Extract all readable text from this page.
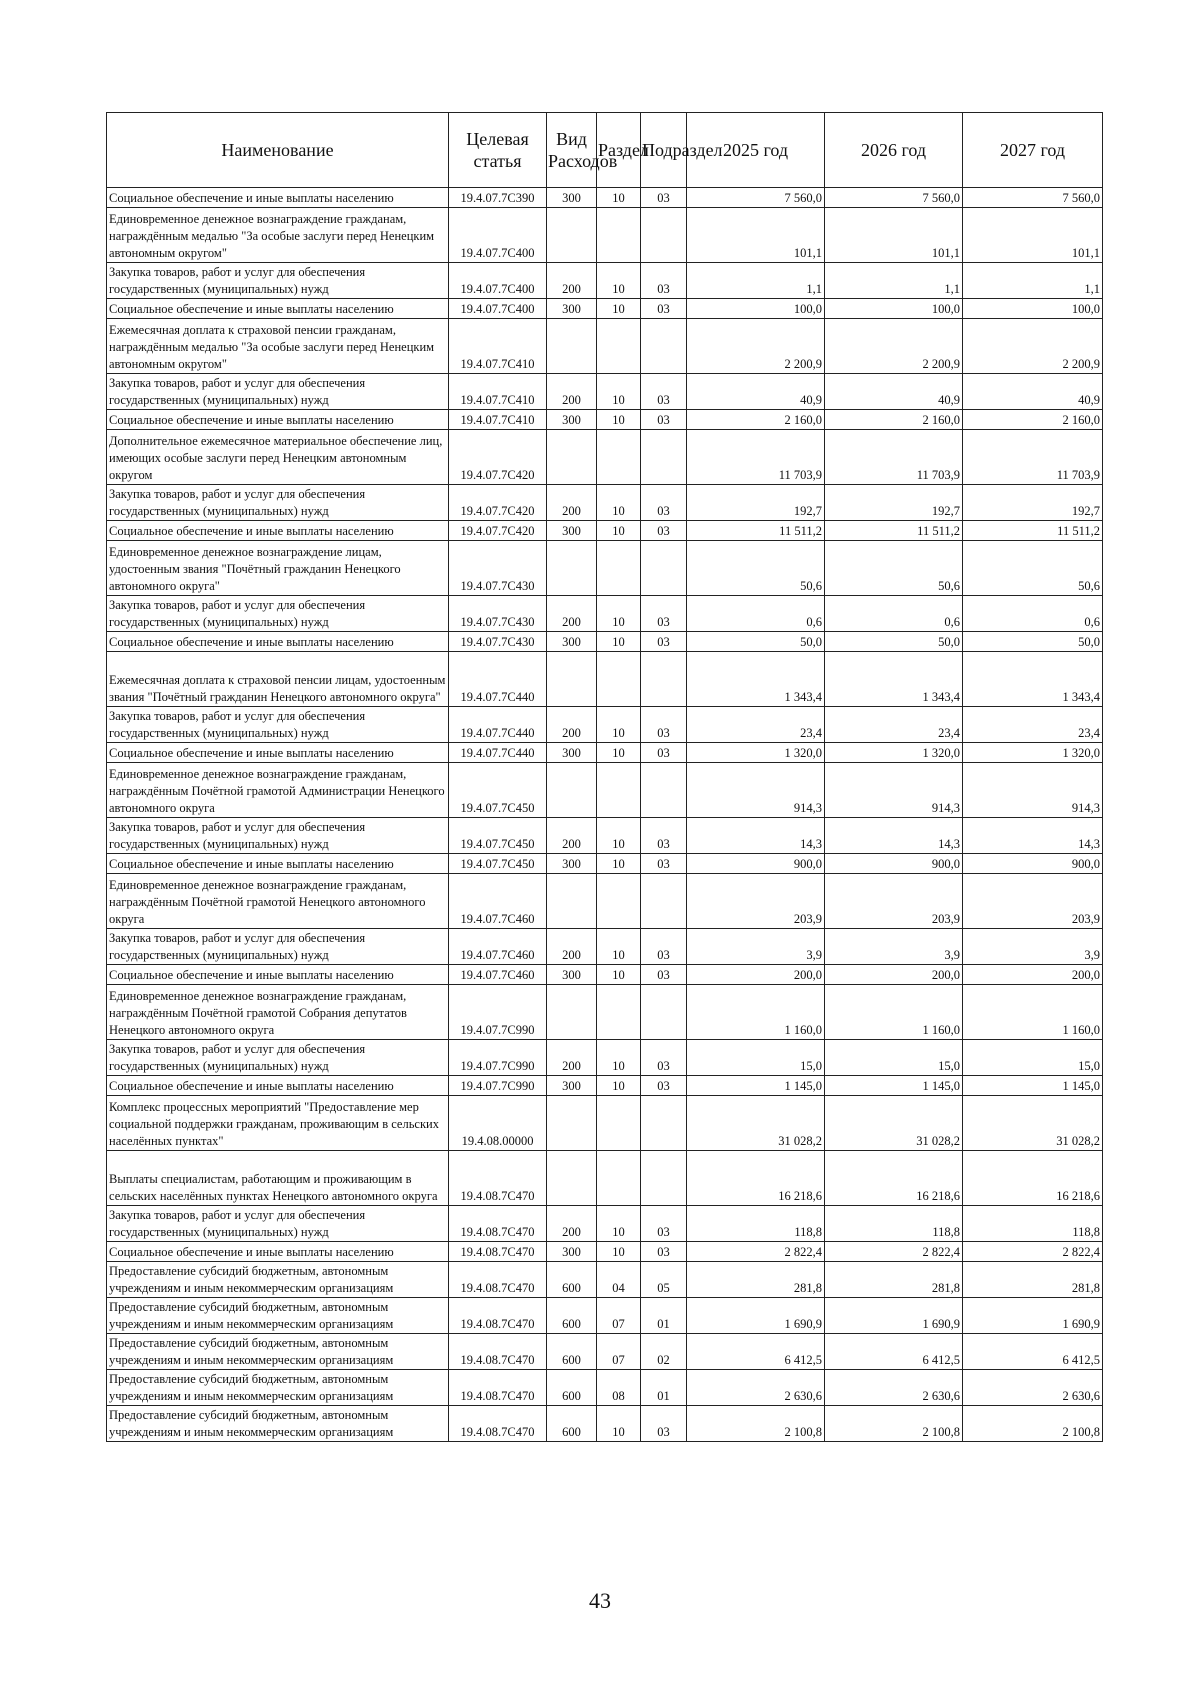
Наименование	Целевая статья	Вид Расходов	Раздел	Подраздел	2025 год	2026 год	2027 год
Социальное обеспечение и иные выплаты населению	19.4.07.7С390	300	10	03	7 560,0	7 560,0	7 560,0
Единовременное денежное вознаграждение гражданам, награждённым медалью "За особые заслуги перед Ненецким автономным округом"	19.4.07.7С400				101,1	101,1	101,1
Закупка товаров, работ и услуг для обеспечения государственных (муниципальных) нужд	19.4.07.7С400	200	10	03	1,1	1,1	1,1
Социальное обеспечение и иные выплаты населению	19.4.07.7С400	300	10	03	100,0	100,0	100,0
Ежемесячная доплата к страховой пенсии гражданам, награждённым медалью "За особые заслуги перед Ненецким автономным округом"	19.4.07.7С410				2 200,9	2 200,9	2 200,9
Закупка товаров, работ и услуг для обеспечения государственных (муниципальных) нужд	19.4.07.7С410	200	10	03	40,9	40,9	40,9
Социальное обеспечение и иные выплаты населению	19.4.07.7С410	300	10	03	2 160,0	2 160,0	2 160,0
Дополнительное ежемесячное материальное обеспечение лиц, имеющих особые заслуги перед Ненецким автономным округом	19.4.07.7С420				11 703,9	11 703,9	11 703,9
Закупка товаров, работ и услуг для обеспечения государственных (муниципальных) нужд	19.4.07.7С420	200	10	03	192,7	192,7	192,7
Социальное обеспечение и иные выплаты населению	19.4.07.7С420	300	10	03	11 511,2	11 511,2	11 511,2
Единовременное денежное вознаграждение лицам, удостоенным звания "Почётный гражданин Ненецкого автономного округа"	19.4.07.7С430				50,6	50,6	50,6
Закупка товаров, работ и услуг для обеспечения государственных (муниципальных) нужд	19.4.07.7С430	200	10	03	0,6	0,6	0,6
Социальное обеспечение и иные выплаты населению	19.4.07.7С430	300	10	03	50,0	50,0	50,0
Ежемесячная доплата к страховой пенсии лицам, удостоенным звания "Почётный гражданин Ненецкого автономного округа"	19.4.07.7С440				1 343,4	1 343,4	1 343,4
Закупка товаров, работ и услуг для обеспечения государственных (муниципальных) нужд	19.4.07.7С440	200	10	03	23,4	23,4	23,4
Социальное обеспечение и иные выплаты населению	19.4.07.7С440	300	10	03	1 320,0	1 320,0	1 320,0
Единовременное денежное вознаграждение гражданам, награждённым Почётной грамотой Администрации Ненецкого автономного округа	19.4.07.7С450				914,3	914,3	914,3
Закупка товаров, работ и услуг для обеспечения государственных (муниципальных) нужд	19.4.07.7С450	200	10	03	14,3	14,3	14,3
Социальное обеспечение и иные выплаты населению	19.4.07.7С450	300	10	03	900,0	900,0	900,0
Единовременное денежное вознаграждение гражданам, награждённым Почётной грамотой Ненецкого автономного округа	19.4.07.7С460				203,9	203,9	203,9
Закупка товаров, работ и услуг для обеспечения государственных (муниципальных) нужд	19.4.07.7С460	200	10	03	3,9	3,9	3,9
Социальное обеспечение и иные выплаты населению	19.4.07.7С460	300	10	03	200,0	200,0	200,0
Единовременное денежное вознаграждение гражданам, награждённым Почётной грамотой Собрания депутатов Ненецкого автономного округа	19.4.07.7С990				1 160,0	1 160,0	1 160,0
Закупка товаров, работ и услуг для обеспечения государственных (муниципальных) нужд	19.4.07.7С990	200	10	03	15,0	15,0	15,0
Социальное обеспечение и иные выплаты населению	19.4.07.7С990	300	10	03	1 145,0	1 145,0	1 145,0
Комплекс процессных мероприятий "Предоставление мер социальной поддержки гражданам, проживающим в сельских населённых пунктах"	19.4.08.00000				31 028,2	31 028,2	31 028,2
Выплаты специалистам, работающим и проживающим в сельских населённых пунктах Ненецкого автономного округа	19.4.08.7С470				16 218,6	16 218,6	16 218,6
Закупка товаров, работ и услуг для обеспечения государственных (муниципальных) нужд	19.4.08.7С470	200	10	03	118,8	118,8	118,8
Социальное обеспечение и иные выплаты населению	19.4.08.7С470	300	10	03	2 822,4	2 822,4	2 822,4
Предоставление субсидий бюджетным, автономным учреждениям и иным некоммерческим организациям	19.4.08.7С470	600	04	05	281,8	281,8	281,8
Предоставление субсидий бюджетным, автономным учреждениям и иным некоммерческим организациям	19.4.08.7С470	600	07	01	1 690,9	1 690,9	1 690,9
Предоставление субсидий бюджетным, автономным учреждениям и иным некоммерческим организациям	19.4.08.7С470	600	07	02	6 412,5	6 412,5	6 412,5
Предоставление субсидий бюджетным, автономным учреждениям и иным некоммерческим организациям	19.4.08.7С470	600	08	01	2 630,6	2 630,6	2 630,6
Предоставление субсидий бюджетным, автономным учреждениям и иным некоммерческим организациям	19.4.08.7С470	600	10	03	2 100,8	2 100,8	2 100,8
43
